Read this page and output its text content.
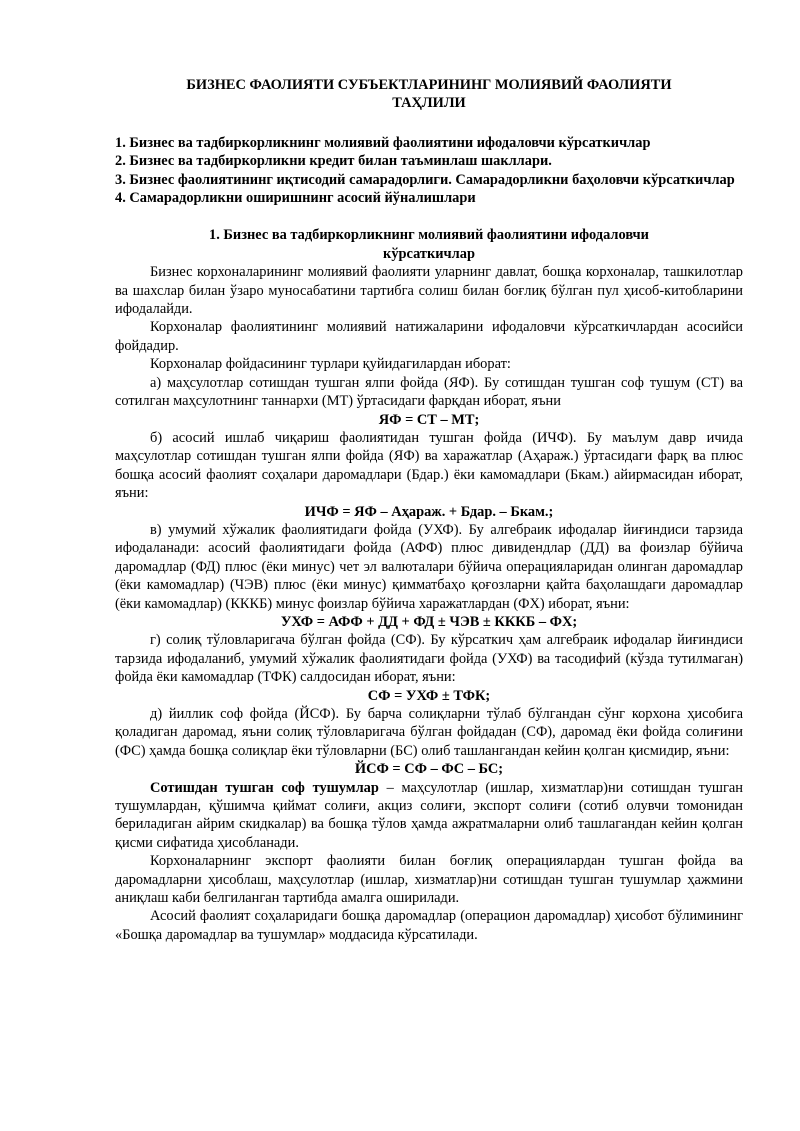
БИЗНЕС ФАОЛИЯТИ СУБЪЕКТЛАРИНИНГ МОЛИЯВИЙ ФАОЛИЯТИ
ТАҲЛИЛИ

1. Бизнес ва тадбиркорликнинг молиявий фаолиятини ифодаловчи кўрсаткичлар

2. Бизнес ва тадбиркорликни кредит билан таъминлаш шакллари.

3. Бизнес фаолиятининг иқтисодий самарадорлиги. Самарадорликни баҳоловчи кўрсаткичлар

4. Самарадорликни оширишнинг асосий йўналишлари

1. Бизнес ва тадбиркорликнинг молиявий фаолиятини ифодаловчи
кўрсаткичлар

Бизнес корхоналарининг молиявий фаолияти уларнинг давлат, бошқа корхоналар, ташкилотлар ва шахслар билан ўзаро муносабатини тартибга солиш билан боғлиқ бўлган пул ҳисоб-китобларини ифодалайди.

Корхоналар фаолиятининг молиявий натижаларини ифодаловчи кўрсаткичлардан асосийси фойдадир.

Корхоналар фойдасининг турлари қуйидагилардан иборат:

а) маҳсулотлар сотишдан тушган ялпи фойда (ЯФ). Бу сотишдан тушган соф тушум (СТ) ва сотилган маҳсулотнинг таннархи (МТ) ўртасидаги фарқдан иборат, яъни

ЯФ = СТ – МТ;

б) асосий ишлаб чиқариш фаолиятидан тушган фойда (ИЧФ). Бу маълум давр ичида маҳсулотлар сотишдан тушган ялпи фойда (ЯФ) ва харажатлар (Аҳараж.) ўртасидаги фарқ ва плюс бошқа асосий фаолият соҳалари даромадлари (Бдар.) ёки камомадлари (Бкам.) айирмасидан иборат, яъни:

ИЧФ = ЯФ – Аҳараж. + Бдар. – Бкам.;

в) умумий хўжалик фаолиятидаги фойда (УХФ). Бу алгебраик ифодалар йиғиндиси тарзида ифодаланади: асосий фаолиятидаги фойда (АФФ) плюс дивидендлар (ДД) ва фоизлар бўйича даромадлар (ФД) плюс (ёки минус) чет эл валюталари бўйича операцияларидан олинган даромадлар (ёки камомадлар) (ЧЭВ) плюс (ёки минус) қимматбаҳо қоғозларни қайта баҳолашдаги даромадлар (ёки камомадлар) (КККБ) минус фоизлар бўйича харажатлардан (ФХ) иборат, яъни:

УХФ = АФФ + ДД + ФД ± ЧЭВ ± КККБ – ФХ;

г) солиқ тўловларигача бўлган фойда (СФ). Бу кўрсаткич ҳам алгебраик ифодалар йиғиндиси тарзида ифодаланиб, умумий хўжалик фаолиятидаги фойда (УХФ) ва тасодифий (кўзда тутилмаган) фойда ёки камомадлар (ТФК) салдосидан иборат, яъни:

СФ = УХФ ± ТФК;

д) йиллик соф фойда (ЙСФ). Бу барча солиқларни тўлаб бўлгандан сўнг корхона ҳисобига қоладиган даромад, яъни солиқ тўловларигача бўлган фойдадан (СФ), даромад ёки фойда солиғини (ФС) ҳамда бошқа солиқлар ёки тўловларни (БС) олиб ташлангандан кейин қолган қисмидир, яъни:

ЙСФ = СФ – ФС – БС;

Сотишдан тушган соф тушумлар – маҳсулотлар (ишлар, хизматлар)ни сотишдан тушган тушумлардан, қўшимча қиймат солиғи, акциз солиғи, экспорт солиғи (сотиб олувчи томонидан бериладиган айрим скидкалар) ва бошқа тўлов ҳамда ажратмаларни олиб ташлагандан кейин қолган қисми сифатида ҳисобланади.

Корхоналарнинг экспорт фаолияти билан боғлиқ операциялардан тушган фойда ва даромадларни ҳисоблаш, маҳсулотлар (ишлар, хизматлар)ни сотишдан тушган тушумлар ҳажмини аниқлаш каби белгиланган тартибда амалга оширилади.

Асосий фаолият соҳаларидаги бошқа даромадлар (операцион даромадлар) ҳисобот бўлимининг «Бошқа даромадлар ва тушумлар» моддасида кўрсатилади.
